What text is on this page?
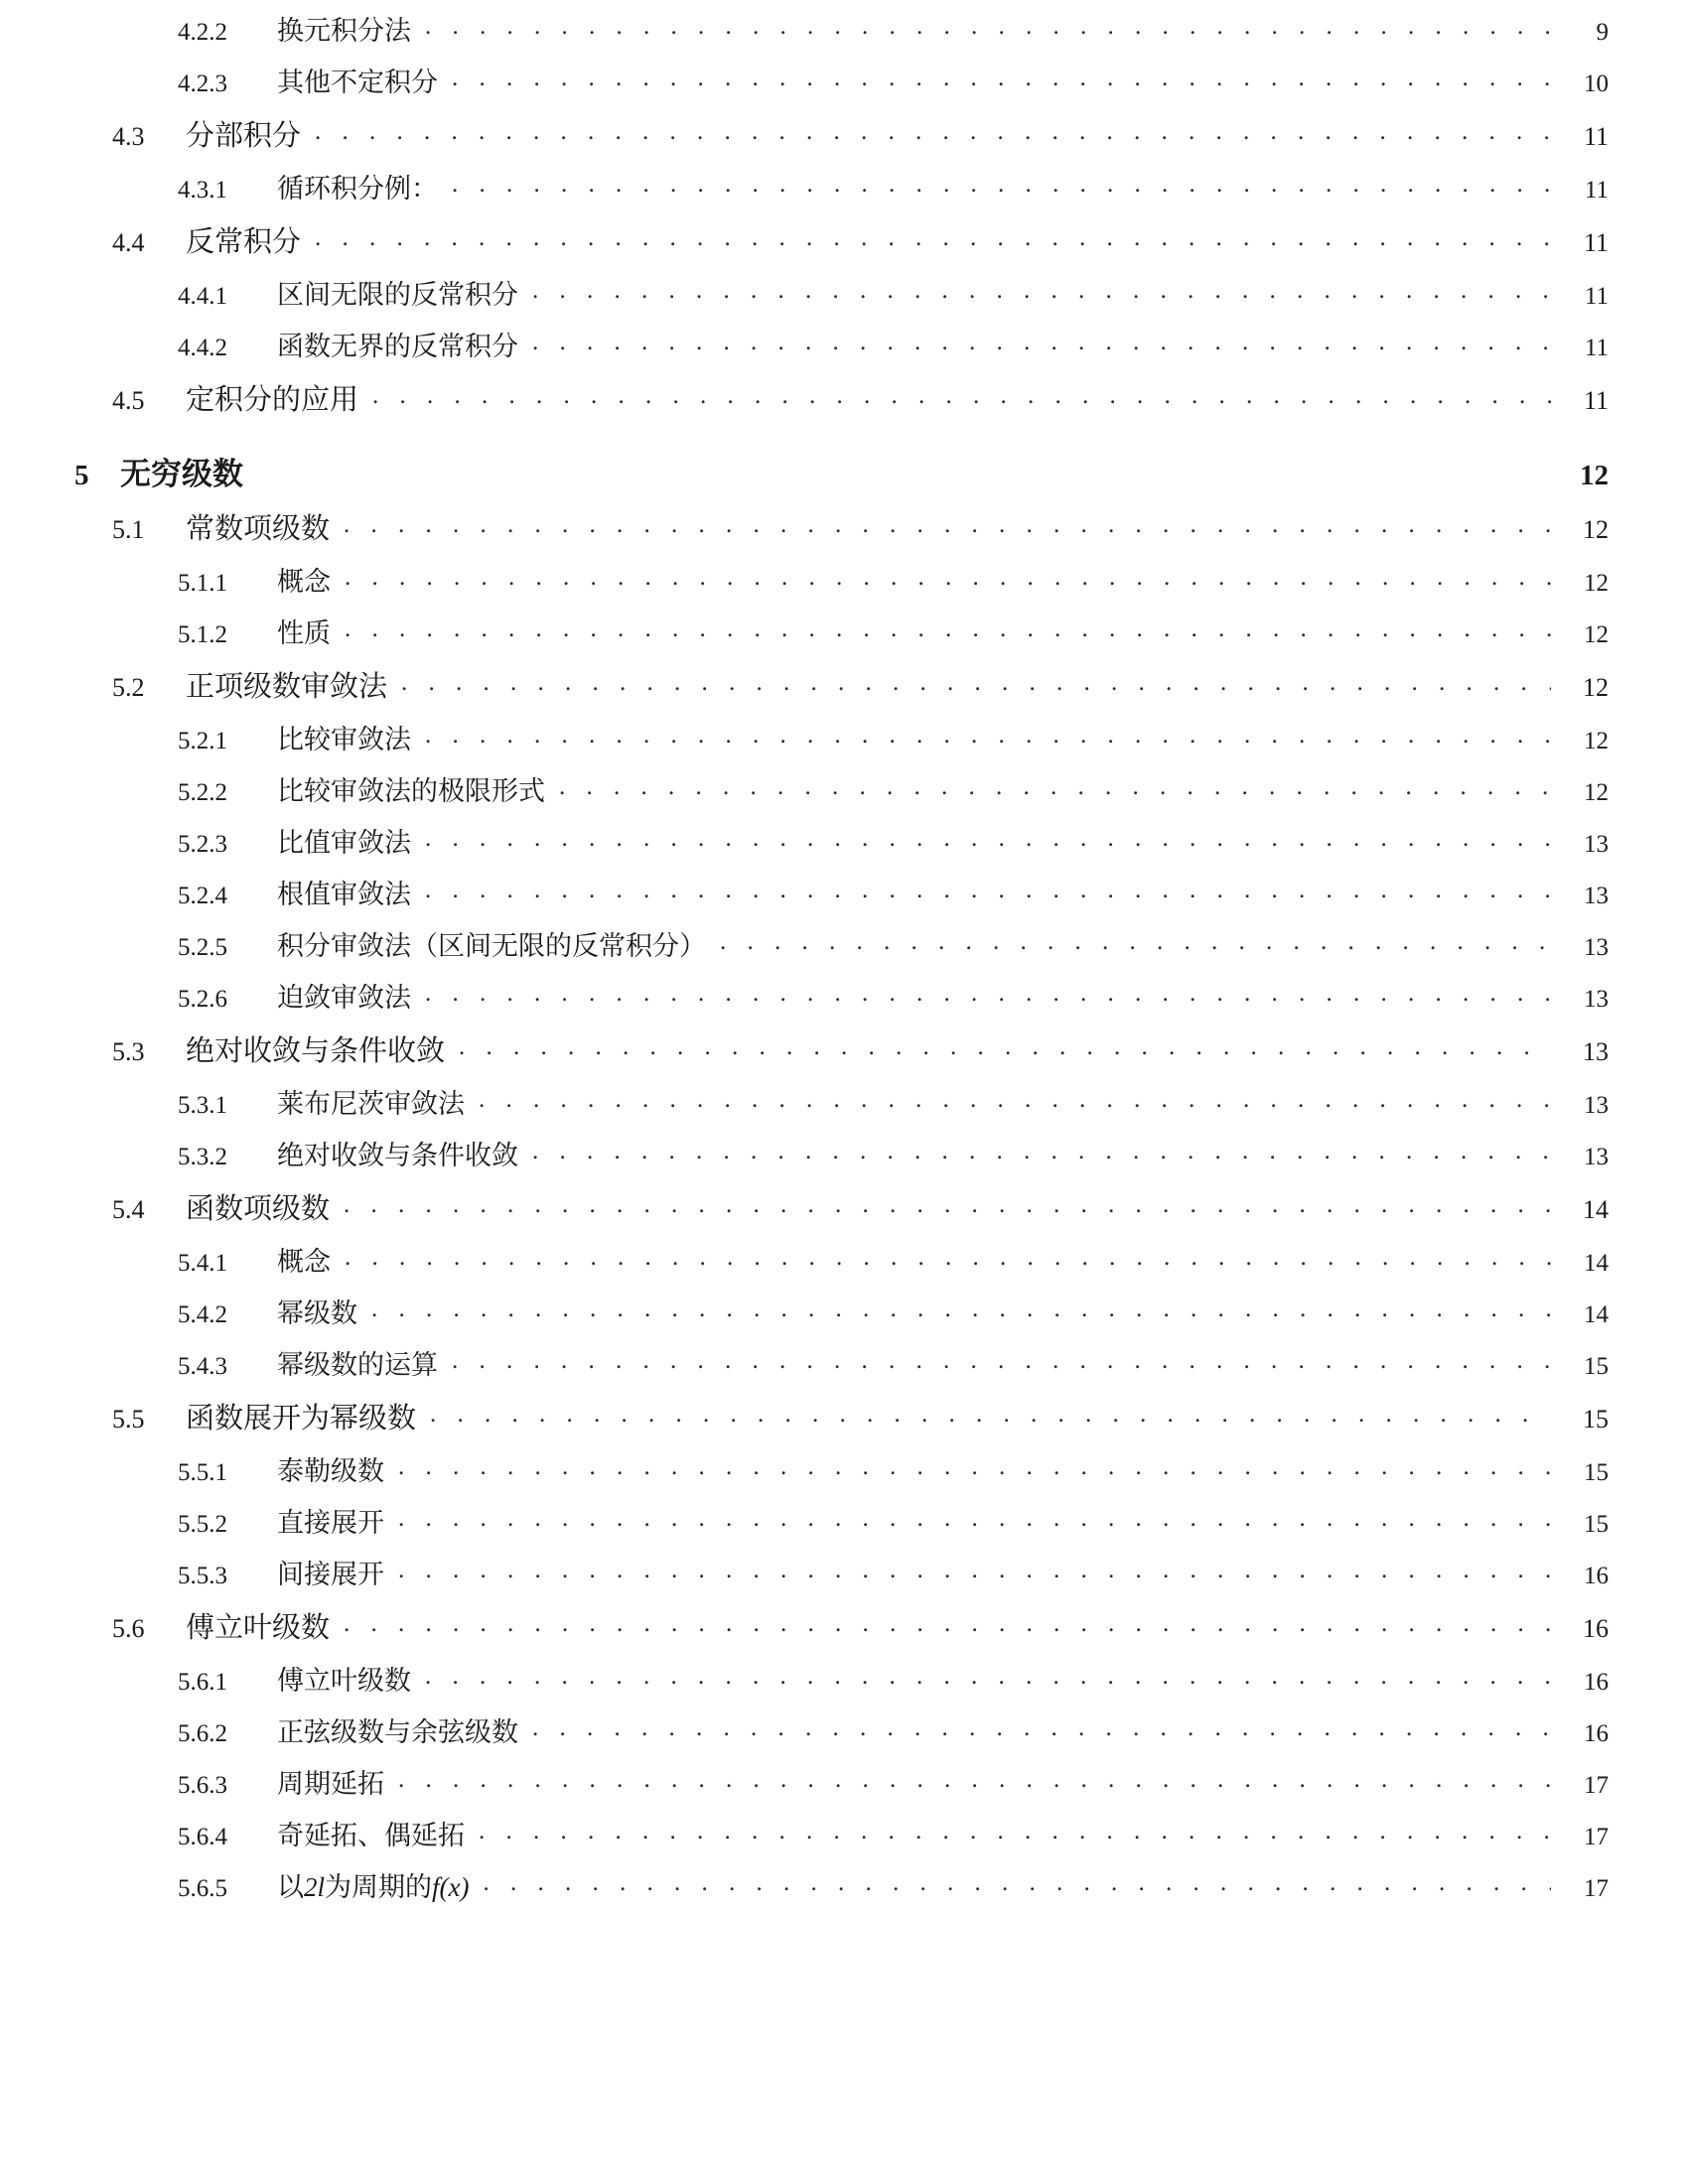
4.2.2	换元积分法 . . .	9
4.2.3	其他不定积分 . . .	10
4.3	分部积分 . . .	11
4.3.1	循环积分例： . . .	11
4.4	反常积分 . . .	11
4.4.1	区间无限的反常积分 . . .	11
4.4.2	函数无界的反常积分 . . .	11
4.5	定积分的应用 . . .	11
5	无穷级数	12
5.1	常数项级数 . . .	12
5.1.1	概念 . . .	12
5.1.2	性质 . . .	12
5.2	正项级数审敛法 . . .	12
5.2.1	比较审敛法 . . .	12
5.2.2	比较审敛法的极限形式 . . .	12
5.2.3	比值审敛法 . . .	13
5.2.4	根值审敛法 . . .	13
5.2.5	积分审敛法（区间无限的反常积分） . . .	13
5.2.6	迫敛审敛法 . . .	13
5.3	绝对收敛与条件收敛 . . .	13
5.3.1	莱布尼茨审敛法 . . .	13
5.3.2	绝对收敛与条件收敛 . . .	13
5.4	函数项级数 . . .	14
5.4.1	概念 . . .	14
5.4.2	幂级数 . . .	14
5.4.3	幂级数的运算 . . .	15
5.5	函数展开为幂级数 . . .	15
5.5.1	泰勒级数 . . .	15
5.5.2	直接展开 . . .	15
5.5.3	间接展开 . . .	16
5.6	傅立叶级数 . . .	16
5.6.1	傅立叶级数 . . .	16
5.6.2	正弦级数与余弦级数 . . .	16
5.6.3	周期延拓 . . .	17
5.6.4	奇延拓、偶延拓 . . .	17
5.6.5	以2l为周期的f(x) . . .	17
